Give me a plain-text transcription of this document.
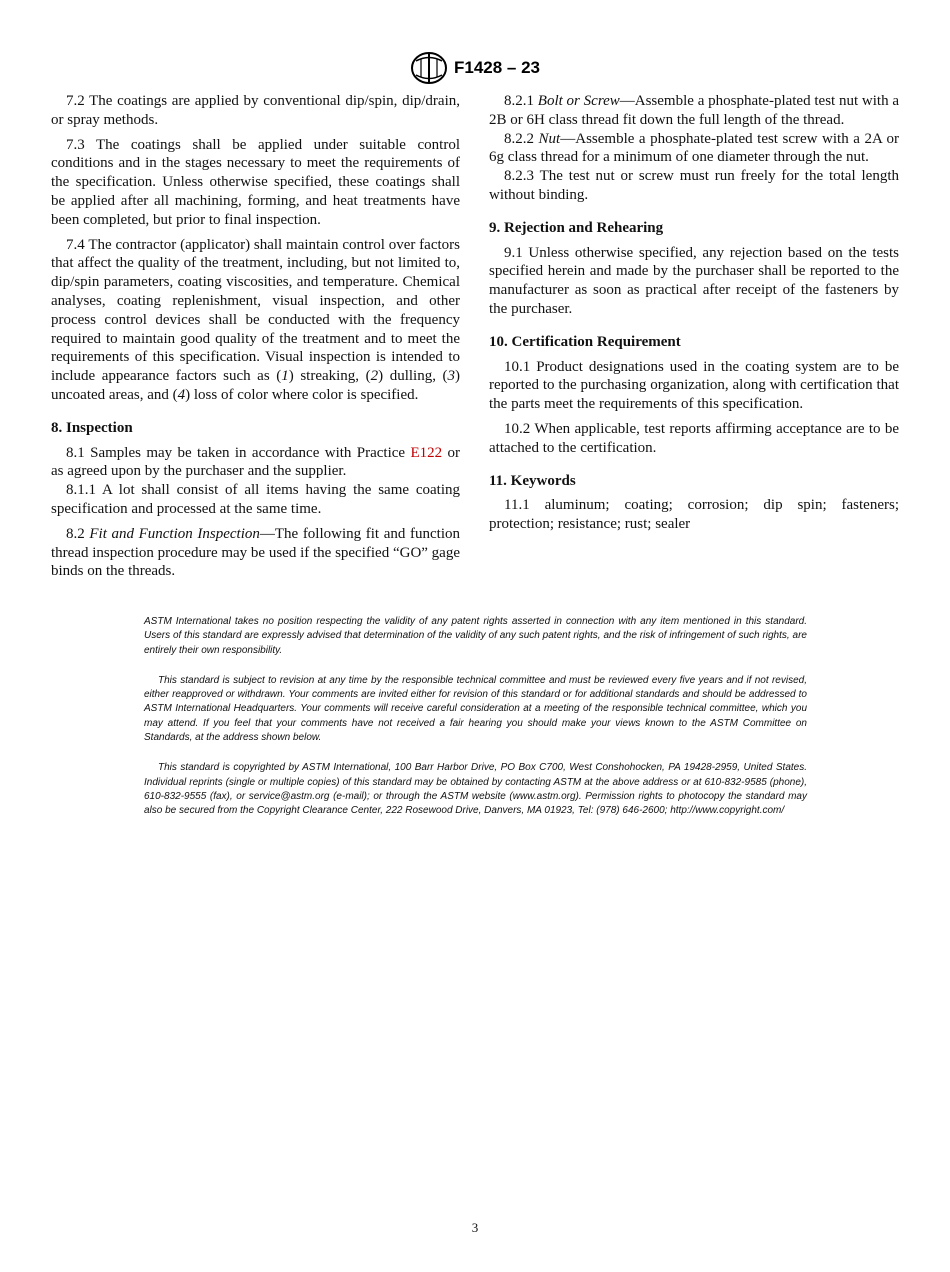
F1428 – 23

7.2 The coatings are applied by conventional dip/spin, dip/drain, or spray methods.

7.3 The coatings shall be applied under suitable control conditions and in the stages necessary to meet the requirements of the specification. Unless otherwise specified, these coatings shall be applied after all machining, forming, and heat treatments have been completed, but prior to final inspection.

7.4 The contractor (applicator) shall maintain control over factors that affect the quality of the treatment, including, but not limited to, dip/spin parameters, coating viscosities, and temperature. Chemical analyses, coating replenishment, visual inspection, and other process control devices shall be conducted with the frequency required to maintain good quality of the treatment and to meet the requirements of this specification. Visual inspection is intended to include appearance factors such as (1) streaking, (2) dulling, (3) uncoated areas, and (4) loss of color where color is specified.

8. Inspection

8.1 Samples may be taken in accordance with Practice E122 or as agreed upon by the purchaser and the supplier.

8.1.1 A lot shall consist of all items having the same coating specification and processed at the same time.

8.2 Fit and Function Inspection—The following fit and function thread inspection procedure may be used if the specified “GO” gage binds on the threads.

8.2.1 Bolt or Screw—Assemble a phosphate-plated test nut with a 2B or 6H class thread fit down the full length of the thread.

8.2.2 Nut—Assemble a phosphate-plated test screw with a 2A or 6g class thread for a minimum of one diameter through the nut.

8.2.3 The test nut or screw must run freely for the total length without binding.

9. Rejection and Rehearing

9.1 Unless otherwise specified, any rejection based on the tests specified herein and made by the purchaser shall be reported to the manufacturer as soon as practical after receipt of the fasteners by the purchaser.

10. Certification Requirement

10.1 Product designations used in the coating system are to be reported to the purchasing organization, along with certification that the parts meet the requirements of this specification.

10.2 When applicable, test reports affirming acceptance are to be attached to the certification.

11. Keywords

11.1 aluminum; coating; corrosion; dip spin; fasteners; protection; resistance; rust; sealer

ASTM International takes no position respecting the validity of any patent rights asserted in connection with any item mentioned in this standard. Users of this standard are expressly advised that determination of the validity of any such patent rights, and the risk of infringement of such rights, are entirely their own responsibility.

This standard is subject to revision at any time by the responsible technical committee and must be reviewed every five years and if not revised, either reapproved or withdrawn. Your comments are invited either for revision of this standard or for additional standards and should be addressed to ASTM International Headquarters. Your comments will receive careful consideration at a meeting of the responsible technical committee, which you may attend. If you feel that your comments have not received a fair hearing you should make your views known to the ASTM Committee on Standards, at the address shown below.

This standard is copyrighted by ASTM International, 100 Barr Harbor Drive, PO Box C700, West Conshohocken, PA 19428-2959, United States. Individual reprints (single or multiple copies) of this standard may be obtained by contacting ASTM at the above address or at 610-832-9585 (phone), 610-832-9555 (fax), or service@astm.org (e-mail); or through the ASTM website (www.astm.org). Permission rights to photocopy the standard may also be secured from the Copyright Clearance Center, 222 Rosewood Drive, Danvers, MA 01923, Tel: (978) 646-2600; http://www.copyright.com/

3
